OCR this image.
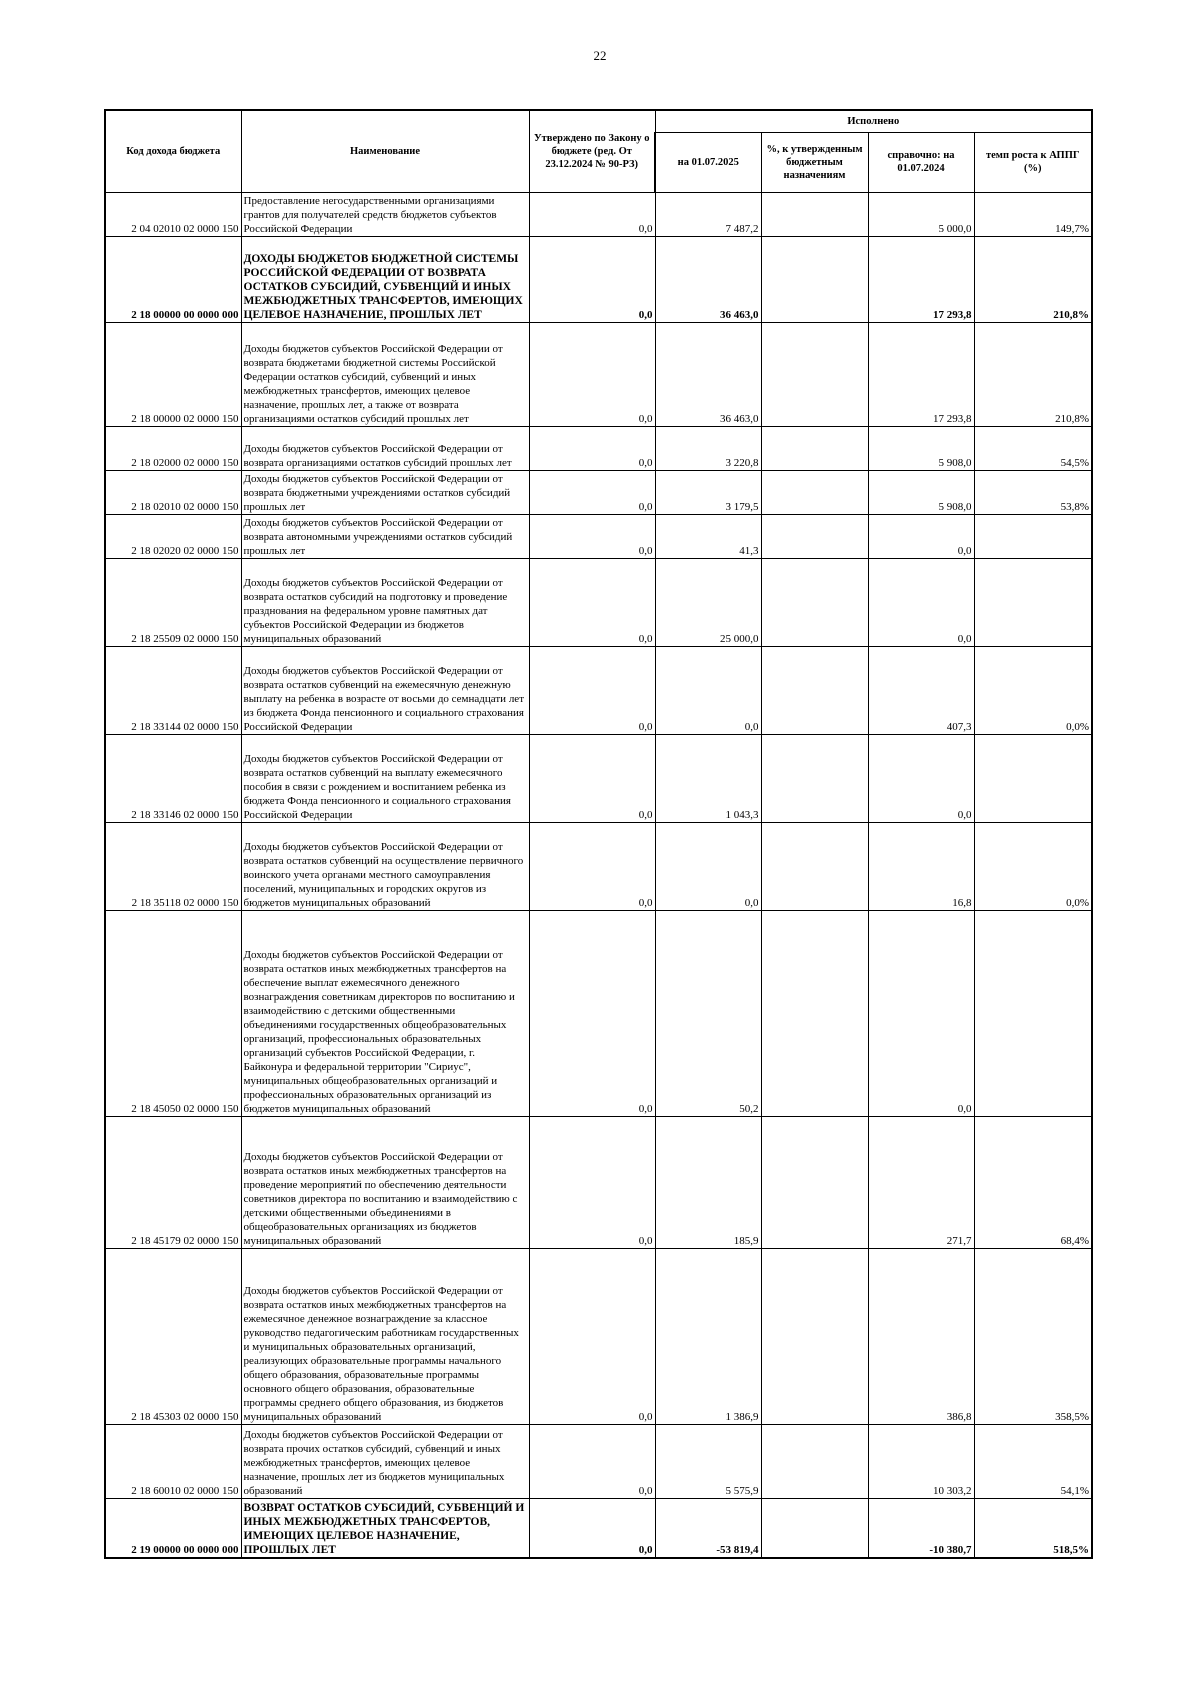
22
Код дохода бюджета	Наименование	Утверждено по Закону о бюджете (ред. От 23.12.2024 № 90-РЗ)	Исполнено			
			на 01.07.2025	%, к утвержденным бюджетным назначениям	справочно: на 01.07.2024	темп роста к АППГ (%)
2 04 02010 02 0000 150	Предоставление негосударственными организациями грантов для получателей средств бюджетов субъектов Российской Федерации	0,0	7 487,2		5 000,0	149,7%
2 18 00000 00 0000 000	ДОХОДЫ БЮДЖЕТОВ БЮДЖЕТНОЙ СИСТЕМЫ РОССИЙСКОЙ ФЕДЕРАЦИИ ОТ ВОЗВРАТА ОСТАТКОВ СУБСИДИЙ, СУБВЕНЦИЙ И ИНЫХ МЕЖБЮДЖЕТНЫХ ТРАНСФЕРТОВ, ИМЕЮЩИХ ЦЕЛЕВОЕ НАЗНАЧЕНИЕ, ПРОШЛЫХ ЛЕТ	0,0	36 463,0		17 293,8	210,8%
2 18 00000 02 0000 150	Доходы бюджетов субъектов Российской Федерации от возврата бюджетами бюджетной системы Российской Федерации остатков субсидий, субвенций и иных межбюджетных трансфертов, имеющих целевое назначение, прошлых лет, а также от возврата организациями остатков субсидий прошлых лет	0,0	36 463,0		17 293,8	210,8%
2 18 02000 02 0000 150	Доходы бюджетов субъектов Российской Федерации от возврата организациями остатков субсидий прошлых лет	0,0	3 220,8		5 908,0	54,5%
2 18 02010 02 0000 150	Доходы бюджетов субъектов Российской Федерации от возврата бюджетными учреждениями остатков субсидий прошлых лет	0,0	3 179,5		5 908,0	53,8%
2 18 02020 02 0000 150	Доходы бюджетов субъектов Российской Федерации от возврата автономными учреждениями остатков субсидий прошлых лет	0,0	41,3		0,0	
2 18 25509 02 0000 150	Доходы бюджетов субъектов Российской Федерации от возврата остатков субсидий на подготовку и проведение празднования на федеральном уровне памятных дат субъектов Российской Федерации из бюджетов муниципальных образований	0,0	25 000,0		0,0	
2 18 33144 02 0000 150	Доходы бюджетов субъектов Российской Федерации от возврата остатков субвенций на ежемесячную денежную выплату на ребенка в возрасте от восьми до семнадцати лет из бюджета Фонда пенсионного и социального страхования Российской Федерации	0,0	0,0		407,3	0,0%
2 18 33146 02 0000 150	Доходы бюджетов субъектов Российской Федерации от возврата остатков субвенций на выплату ежемесячного пособия в связи с рождением и воспитанием ребенка из бюджета Фонда пенсионного и социального страхования Российской Федерации	0,0	1 043,3		0,0	
2 18 35118 02 0000 150	Доходы бюджетов субъектов Российской Федерации от возврата остатков субвенций на осуществление первичного воинского учета органами местного самоуправления поселений, муниципальных и городских округов из бюджетов муниципальных образований	0,0	0,0		16,8	0,0%
2 18 45050 02 0000 150	Доходы бюджетов субъектов Российской Федерации от возврата остатков иных межбюджетных трансфертов на обеспечение выплат ежемесячного денежного вознаграждения советникам директоров по воспитанию и взаимодействию с детскими общественными объединениями государственных общеобразовательных организаций, профессиональных образовательных организаций субъектов Российской Федерации, г. Байконура и федеральной территории "Сириус", муниципальных общеобразовательных организаций и профессиональных образовательных организаций из бюджетов муниципальных образований	0,0	50,2		0,0	
2 18 45179 02 0000 150	Доходы бюджетов субъектов Российской Федерации от возврата остатков иных межбюджетных трансфертов на проведение мероприятий по обеспечению деятельности советников директора по воспитанию и взаимодействию с детскими общественными объединениями в общеобразовательных организациях из бюджетов муниципальных образований	0,0	185,9		271,7	68,4%
2 18 45303 02 0000 150	Доходы бюджетов субъектов Российской Федерации от возврата остатков иных межбюджетных трансфертов на ежемесячное денежное вознаграждение за классное руководство педагогическим работникам государственных и муниципальных образовательных организаций, реализующих образовательные программы начального общего образования, образовательные программы основного общего образования, образовательные программы среднего общего образования, из бюджетов муниципальных образований	0,0	1 386,9		386,8	358,5%
2 18 60010 02 0000 150	Доходы бюджетов субъектов Российской Федерации от возврата прочих остатков субсидий, субвенций и иных межбюджетных трансфертов, имеющих целевое назначение, прошлых лет из бюджетов муниципальных образований	0,0	5 575,9		10 303,2	54,1%
2 19 00000 00 0000 000	ВОЗВРАТ ОСТАТКОВ СУБСИДИЙ, СУБВЕНЦИЙ И ИНЫХ МЕЖБЮДЖЕТНЫХ ТРАНСФЕРТОВ, ИМЕЮЩИХ ЦЕЛЕВОЕ НАЗНАЧЕНИЕ, ПРОШЛЫХ ЛЕТ	0,0	-53 819,4		-10 380,7	518,5%
